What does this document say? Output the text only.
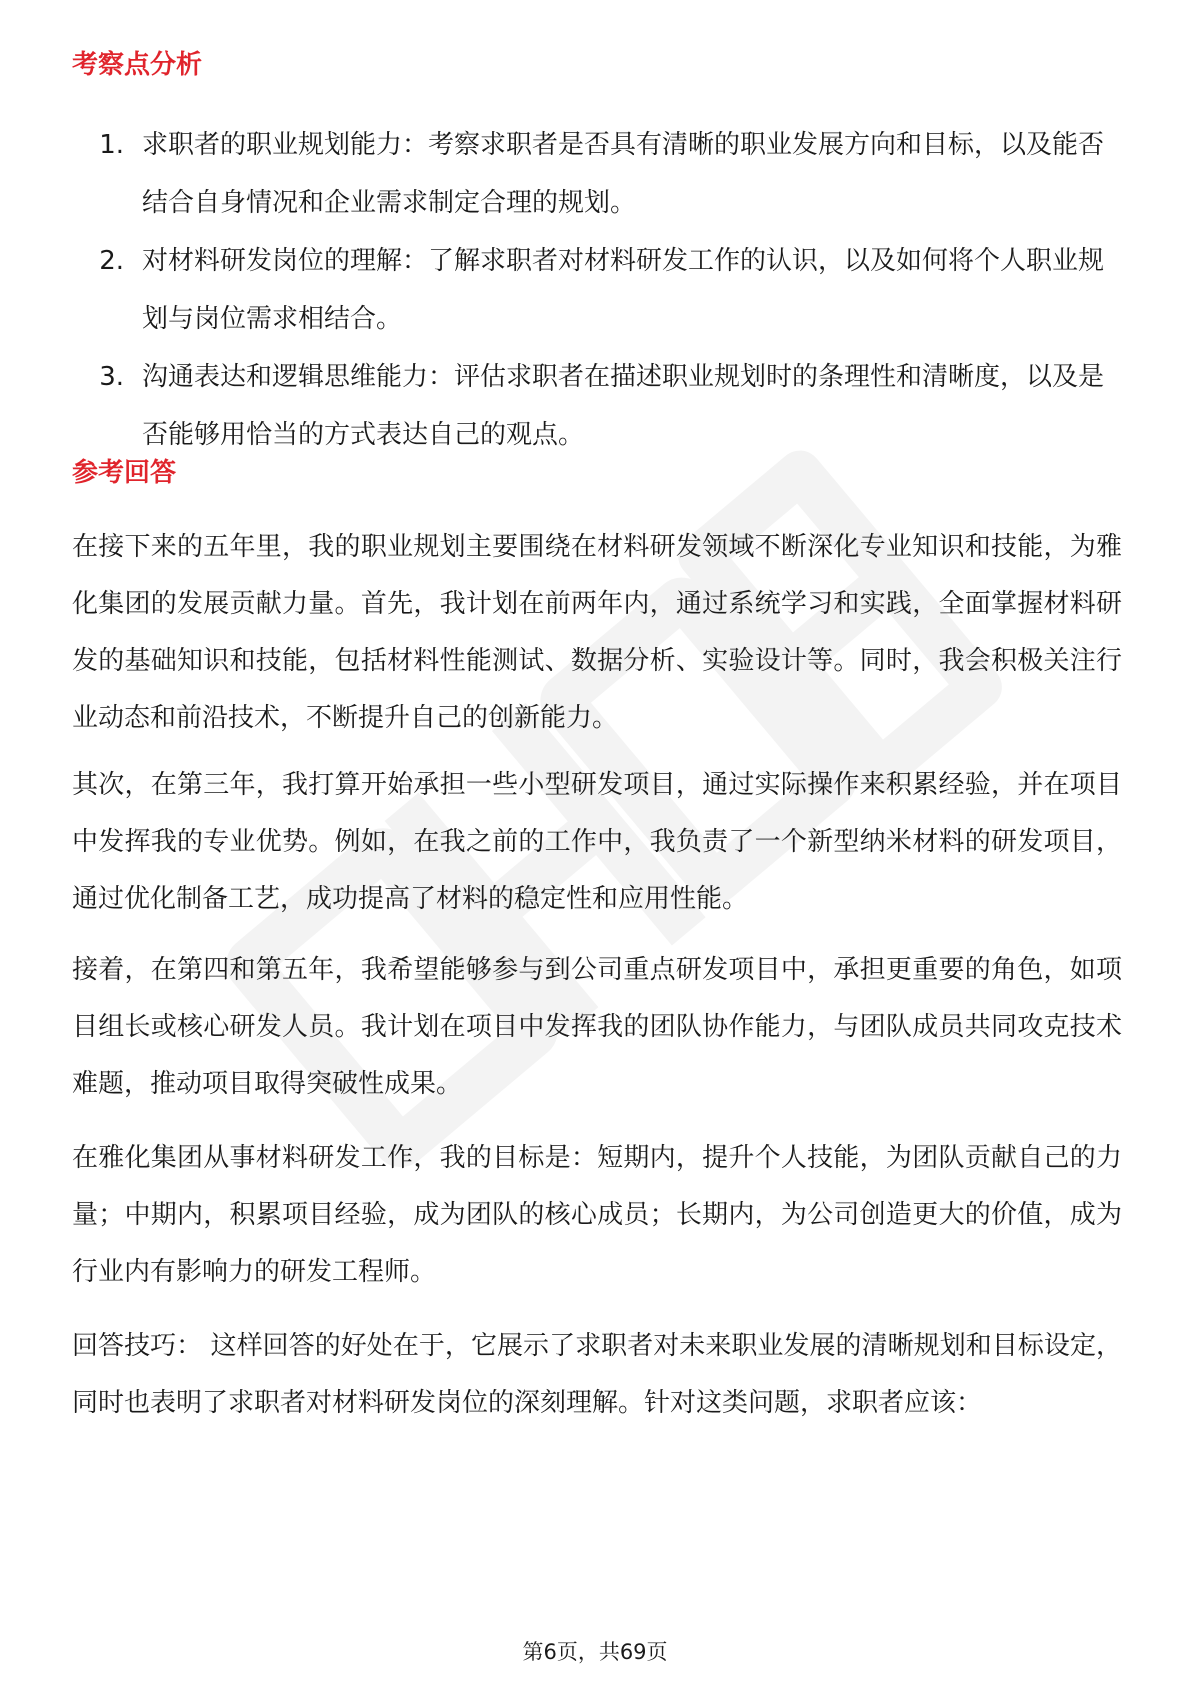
考察点分析
1. 求职者的职业规划能力：考察求职者是否具有清晰的职业发展方向和目标，以及能否结合自身情况和企业需求制定合理的规划。
2. 对材料研发岗位的理解：了解求职者对材料研发工作的认识，以及如何将个人职业规划与岗位需求相结合。
3. 沟通表达和逻辑思维能力：评估求职者在描述职业规划时的条理性和清晰度，以及是否能够用恰当的方式表达自己的观点。
参考回答

在接下来的五年里，我的职业规划主要围绕在材料研发领域不断深化专业知识和技能，为雅化集团的发展贡献力量。首先，我计划在前两年内，通过系统学习和实践，全面掌握材料研发的基础知识和技能，包括材料性能测试、数据分析、实验设计等。同时，我会积极关注行业动态和前沿技术，不断提升自己的创新能力。

其次，在第三年，我打算开始承担一些小型研发项目，通过实际操作来积累经验，并在项目中发挥我的专业优势。例如，在我之前的工作中，我负责了一个新型纳米材料的研发项目，通过优化制备工艺，成功提高了材料的稳定性和应用性能。

接着，在第四和第五年，我希望能够参与到公司重点研发项目中，承担更重要的角色，如项目组长或核心研发人员。我计划在项目中发挥我的团队协作能力，与团队成员共同攻克技术难题，推动项目取得突破性成果。

在雅化集团从事材料研发工作，我的目标是：短期内，提升个人技能，为团队贡献自己的力量；中期内，积累项目经验，成为团队的核心成员；长期内，为公司创造更大的价值，成为行业内有影响力的研发工程师。

回答技巧： 这样回答的好处在于，它展示了求职者对未来职业发展的清晰规划和目标设定，同时也表明了求职者对材料研发岗位的深刻理解。针对这类问题，求职者应该：

第6页，共69页
